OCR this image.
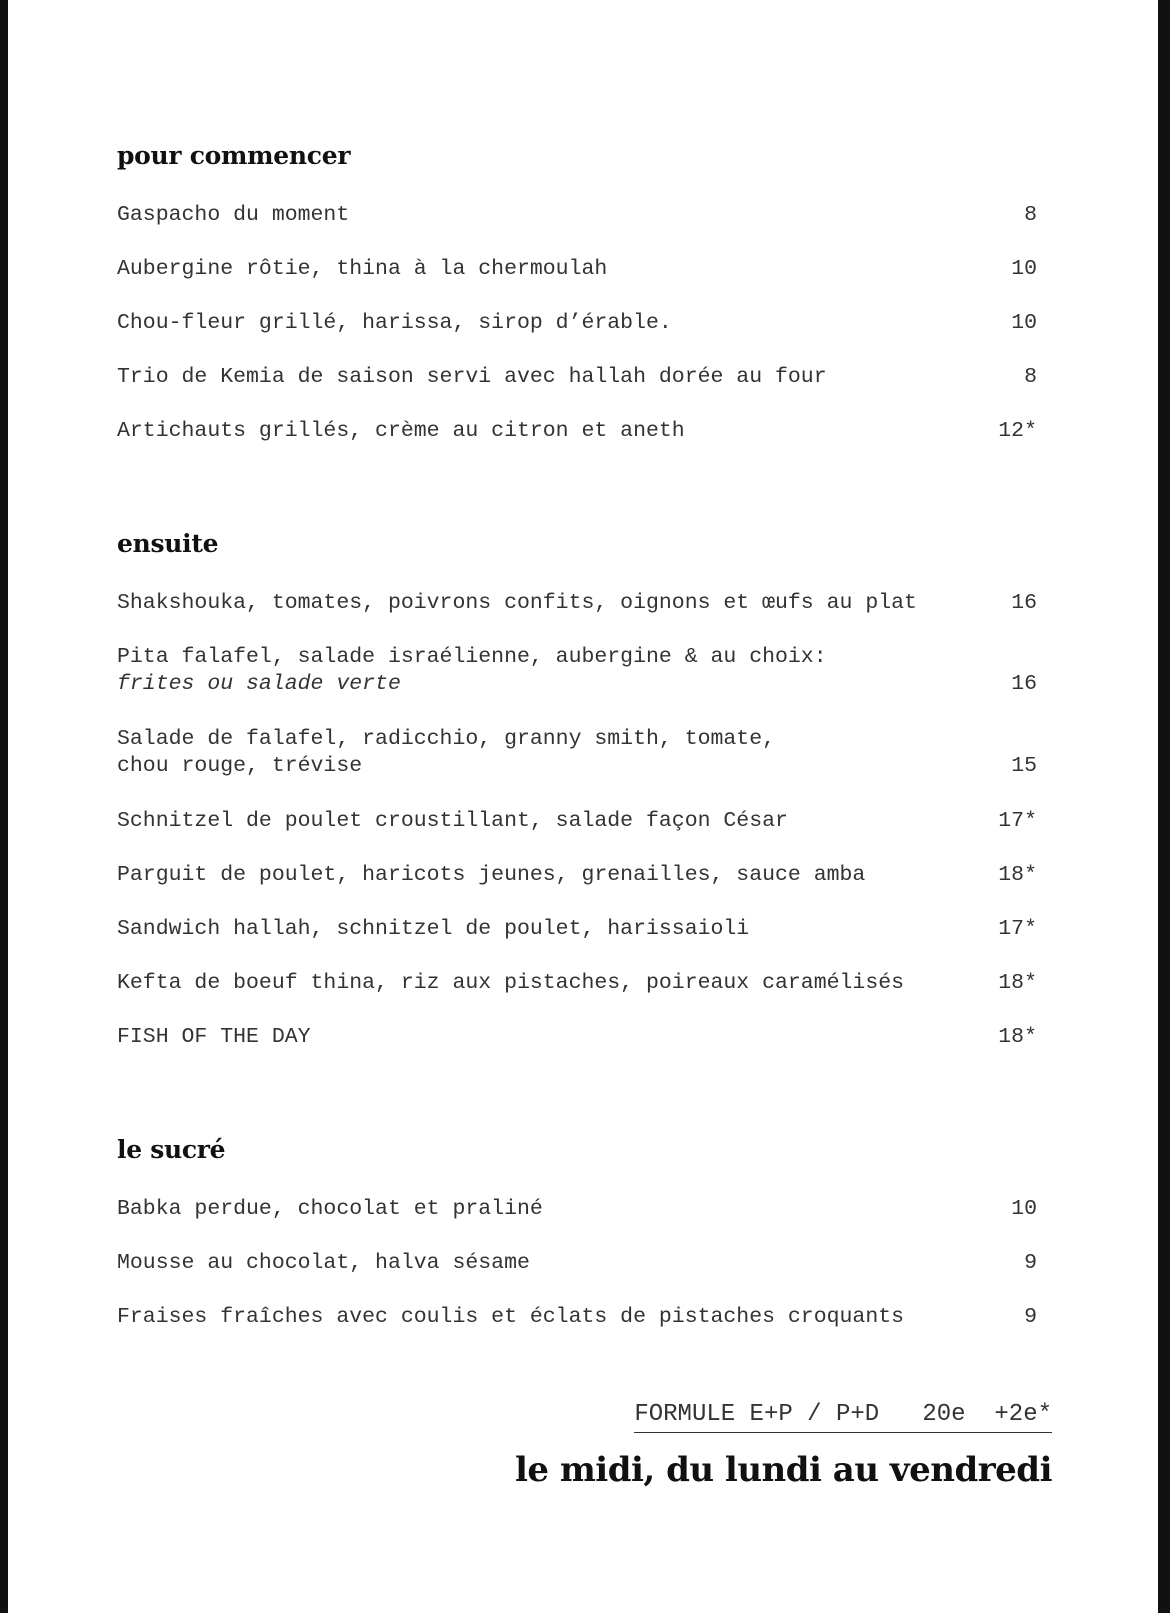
pour commencer
Gaspacho du moment	8
Aubergine rôtie, thina à la chermoulah	10
Chou-fleur grillé, harissa, sirop d’érable.	10
Trio de Kemia de saison servi avec hallah dorée au four	8
Artichauts grillés, crème au citron et aneth	12*
ensuite
Shakshouka, tomates, poivrons confits, oignons et œufs au plat	16
Pita falafel, salade israélienne, aubergine & au choix:
frites ou salade verte	16
Salade de falafel, radicchio, granny smith, tomate,
chou rouge, trévise	15
Schnitzel de poulet croustillant, salade façon César	17*
Parguit de poulet, haricots jeunes, grenailles, sauce amba	18*
Sandwich hallah, schnitzel de poulet, harissaioli	17*
Kefta de boeuf thina, riz aux pistaches, poireaux caramélisés	18*
FISH OF THE DAY	18*
le sucré
Babka perdue, chocolat et praliné	10
Mousse au chocolat, halva sésame	9
Fraises fraîches avec coulis et éclats de pistaches croquants	9
FORMULE E+P / P+D   20e  +2e*
le midi, du lundi au vendredi
